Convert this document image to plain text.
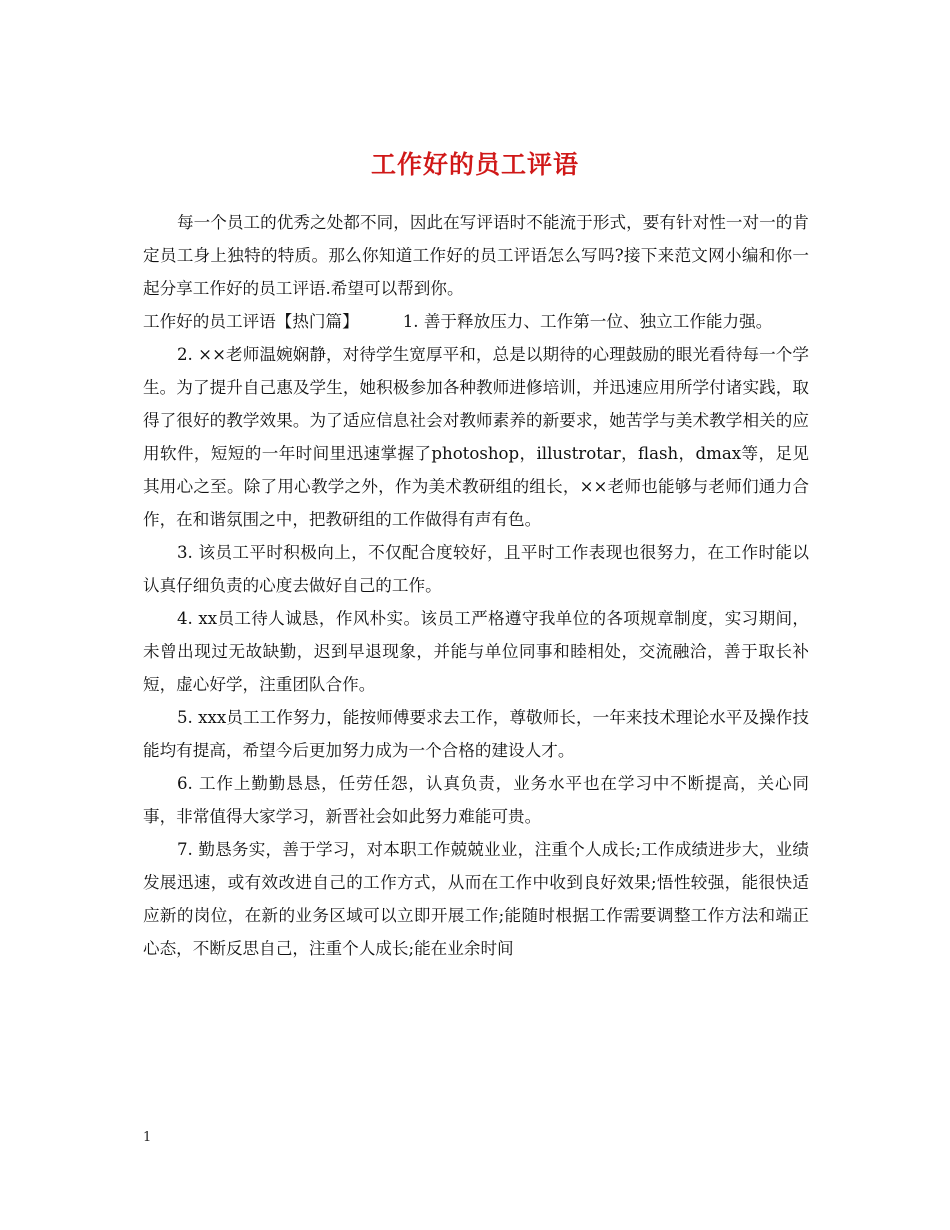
工作好的员工评语

每一个员工的优秀之处都不同，因此在写评语时不能流于形式，要有针对性一对一的肯定员工身上独特的特质。那么你知道工作好的员工评语怎么写吗?接下来范文网小编和你一起分享工作好的员工评语.希望可以帮到你。

工作好的员工评语【热门篇】	1. 善于释放压力、工作第一位、独立工作能力强。

2. ××老师温婉娴静，对待学生宽厚平和，总是以期待的心理鼓励的眼光看待每一个学生。为了提升自己惠及学生，她积极参加各种教师进修培训，并迅速应用所学付诸实践，取得了很好的教学效果。为了适应信息社会对教师素养的新要求，她苦学与美术教学相关的应用软件，短短的一年时间里迅速掌握了photoshop，illustrotar，flash，dmax等，足见其用心之至。除了用心教学之外，作为美术教研组的组长，××老师也能够与老师们通力合作，在和谐氛围之中，把教研组的工作做得有声有色。

3. 该员工平时积极向上，不仅配合度较好，且平时工作表现也很努力，在工作时能以认真仔细负责的心度去做好自己的工作。

4. xx员工待人诚恳，作风朴实。该员工严格遵守我单位的各项规章制度，实习期间，未曾出现过无故缺勤，迟到早退现象，并能与单位同事和睦相处，交流融洽，善于取长补短，虚心好学，注重团队合作。

5. xxx员工工作努力，能按师傅要求去工作，尊敬师长，一年来技术理论水平及操作技能均有提高，希望今后更加努力成为一个合格的建设人才。

6. 工作上勤勤恳恳，任劳任怨，认真负责，业务水平也在学习中不断提高，关心同事，非常值得大家学习，新晋社会如此努力难能可贵。

7. 勤恳务实，善于学习，对本职工作兢兢业业，注重个人成长;工作成绩进步大，业绩发展迅速，或有效改进自己的工作方式，从而在工作中收到良好效果;悟性较强，能很快适应新的岗位，在新的业务区域可以立即开展工作;能随时根据工作需要调整工作方法和端正心态，不断反思自己，注重个人成长;能在业余时间

1
